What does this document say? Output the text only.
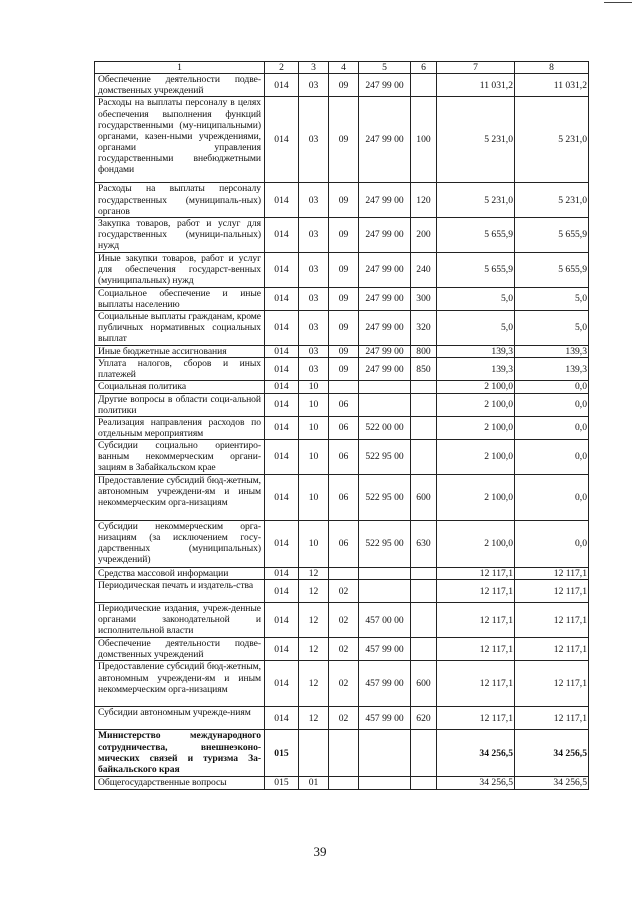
1	2	3	4	5	6	7	8
Обеспечение деятельности подве-домственных учреждений	014	03	09	247 99 00		11 031,2	11 031,2
Расходы на выплаты персоналу в целях обеспечения выполнения функций государственными (му-ниципальными) органами, казен-ными учреждениями, органами управления государственными внебюджетными фондами	014	03	09	247 99 00	100	5 231,0	5 231,0
Расходы на выплаты персоналу государственных (муниципаль-ных) органов	014	03	09	247 99 00	120	5 231,0	5 231,0
Закупка товаров, работ и услуг для государственных (муници-пальных) нужд	014	03	09	247 99 00	200	5 655,9	5 655,9
Иные закупки товаров, работ и услуг для обеспечения государст-венных (муниципальных) нужд	014	03	09	247 99 00	240	5 655,9	5 655,9
Социальное обеспечение и иные выплаты населению	014	03	09	247 99 00	300	5,0	5,0
Социальные выплаты гражданам, кроме публичных нормативных социальных выплат	014	03	09	247 99 00	320	5,0	5,0
Иные бюджетные ассигнования	014	03	09	247 99 00	800	139,3	139,3
Уплата налогов, сборов и иных платежей	014	03	09	247 99 00	850	139,3	139,3
Социальная политика	014	10				2 100,0	0,0
Другие вопросы в области соци-альной политики	014	10	06			2 100,0	0,0
Реализация направления расходов по отдельным мероприятиям	014	10	06	522 00 00		2 100,0	0,0
Субсидии социально ориентиро-ванным некоммерческим органи-зациям в Забайкальском крае	014	10	06	522 95 00		2 100,0	0,0
Предоставление субсидий бюд-жетным, автономным учреждени-ям и иным некоммерческим орга-низациям	014	10	06	522 95 00	600	2 100,0	0,0
Субсидии некоммерческим орга-низациям (за исключением госу-дарственных (муниципальных) учреждений)	014	10	06	522 95 00	630	2 100,0	0,0
Средства массовой информации	014	12				12 117,1	12 117,1
Периодическая печать и издатель-ства	014	12	02			12 117,1	12 117,1
Периодические издания, учреж-денные органами законодательной и исполнительной власти	014	12	02	457 00 00		12 117,1	12 117,1
Обеспечение деятельности подве-домственных учреждений	014	12	02	457 99 00		12 117,1	12 117,1
Предоставление субсидий бюд-жетным, автономным учреждени-ям и иным некоммерческим орга-низациям	014	12	02	457 99 00	600	12 117,1	12 117,1
Субсидии автономным учрежде-ниям	014	12	02	457 99 00	620	12 117,1	12 117,1
Министерство международного сотрудничества, внешнеэконо-мических связей и туризма За-байкальского края	015					34 256,5	34 256,5
Общегосударственные вопросы	015	01				34 256,5	34 256,5
39
